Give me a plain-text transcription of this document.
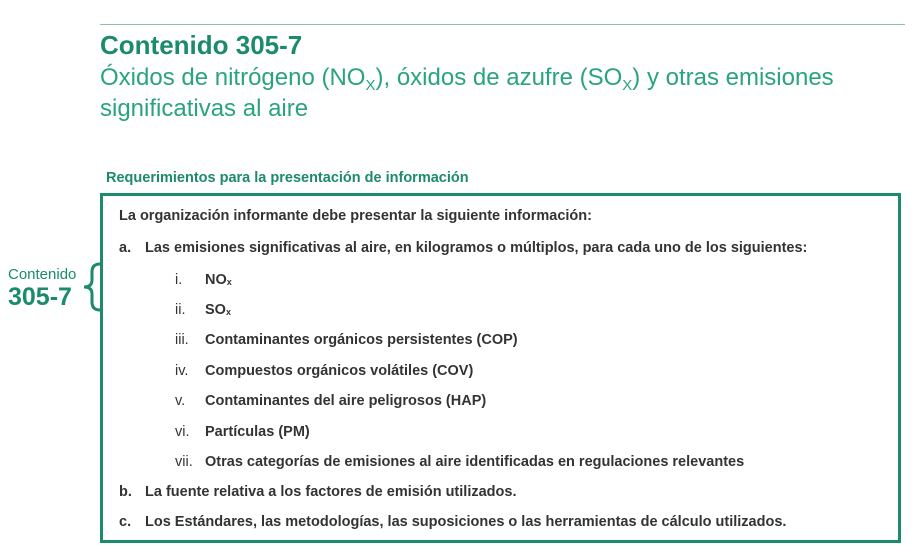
Contenido 305-7
Óxidos de nitrógeno $(NO_X)$, óxidos de azufre $(SO_X)$ y otras emisiones significativas al aire
Requerimientos para la presentación de información
Contenido
305-7
La organización informante debe presentar la siguiente información:
a. Las emisiones significativas al aire, en kilogramos o múltiplos, para cada uno de los siguientes:
i. $NO_x$
ii. $SO_x$
iii. Contaminantes orgánicos persistentes (COP)
iv. Compuestos orgánicos volátiles (COV)
v. Contaminantes del aire peligrosos (HAP)
vi. Partículas (PM)
vii. Otras categorías de emisiones al aire identificadas en regulaciones relevantes
b. La fuente relativa a los factores de emisión utilizados.
c. Los Estándares, las metodologías, las suposiciones o las herramientas de cálculo utilizados.
